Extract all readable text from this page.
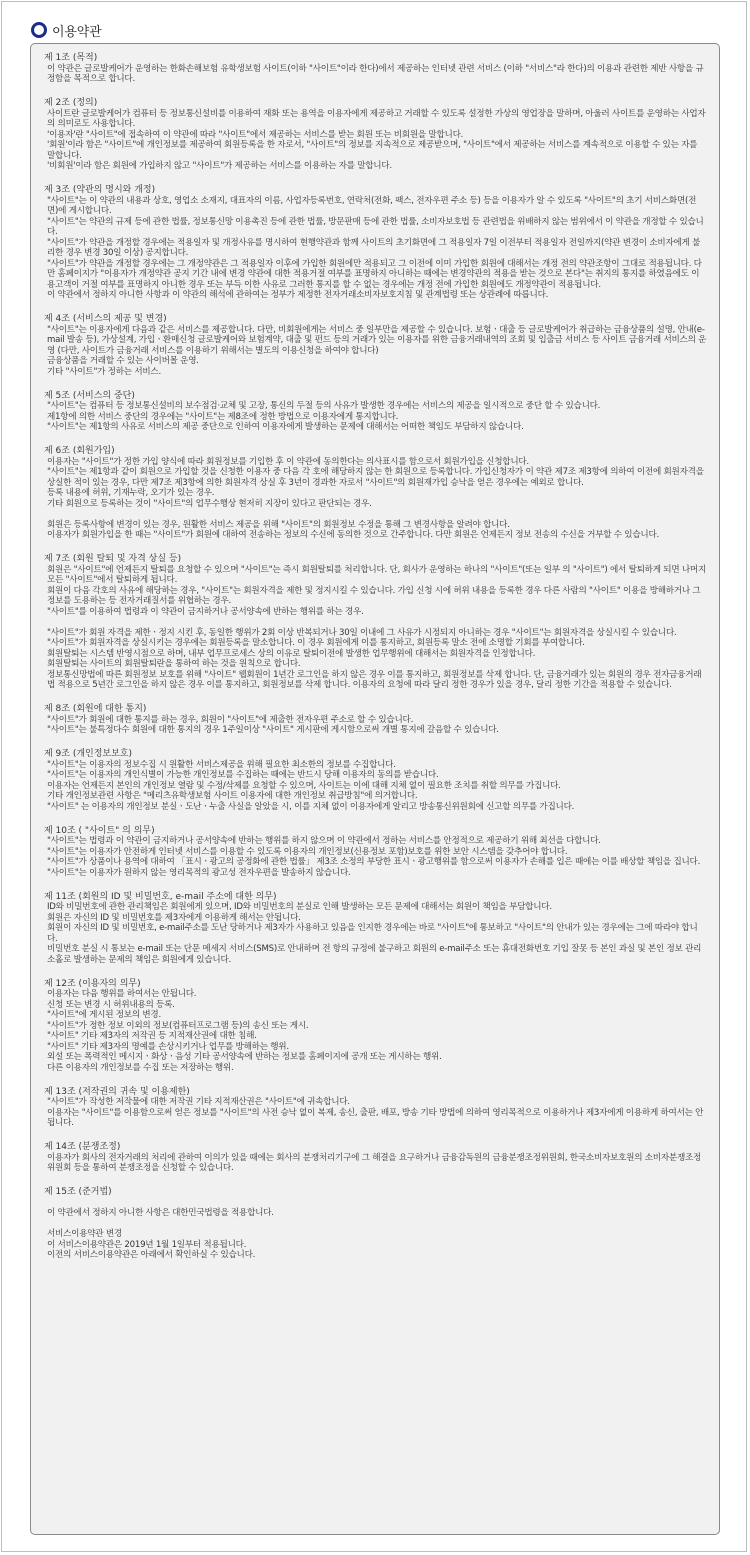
이용약관
제 1조 (목적)
이 약관은 글로발케어가 운영하는 한화손해보험 유학생보험 사이트(이하 "사이트"이라 한다)에서 제공하는 인터넷 관련 서비스 (이하 "서비스"라 한다)의 이용과 관련한 제반 사항을 규정함을 목적으로 합니다.
제 2조 (정의)
사이트란 글로발케어가 컴퓨터 등 정보통신설비를 이용하여 재화 또는 용역을 이용자에게 제공하고 거래할 수 있도록 설정한 가상의 영업장을 말하며, 아울러 사이트를 운영하는 사업자의 의미로도 사용합니다.
'이용자'란 "사이트"에 접속하여 이 약관에 따라 "사이트"에서 제공하는 서비스를 받는 회원 또는 비회원을 말합니다.
'회원'이라 함은 "사이트"에 개인정보를 제공하여 회원등록을 한 자로서, "사이트"의 정보를 지속적으로 제공받으며, "사이트"에서 제공하는 서비스를 계속적으로 이용할 수 있는 자를 말합니다.
'비회원'이라 함은 회원에 가입하지 않고 "사이트"가 제공하는 서비스를 이용하는 자를 말합니다.
제 3조 (약관의 명시와 개정)
"사이트"는 이 약관의 내용과 상호, 영업소 소재지, 대표자의 이름, 사업자등록번호, 연락처(전화, 팩스, 전자우편 주소 등) 등을 이용자가 알 수 있도록 "사이트"의 초기 서비스화면(전면)에 게시합니다.
"사이트"는 약관의 규제 등에 관한 법률, 정보통신망 이용촉진 등에 관한 법률, 방문판매 등에 관한 법률, 소비자보호법 등 관련법을 위배하지 않는 범위에서 이 약관을 개정할 수 있습니다.
"사이트"가 약관을 개정할 경우에는 적용일자 및 개정사유를 명시하여 현행약관과 함께 사이트의 초기화면에 그 적용일자 7일 이전부터 적용일자 전일까지(약관 변경이 소비자에게 불리한 경우 변경 30일 이상) 공지합니다.
"사이트"가 약관을 개정할 경우에는 그 개정약관은 그 적용일자 이후에 가입한 회원에만 적용되고 그 이전에 이미 가입한 회원에 대해서는 개정 전의 약관조항이 그대로 적용됩니다. 다만 홈페이지가 "이용자가 개정약관 공지 기간 내에 변경 약관에 대한 적용거절 여부를 표명하지 아니하는 때에는 변경약관의 적용을 받는 것으로 본다"는 취지의 통지를 하였음에도 이용고객이 거절 여부를 표명하지 아니한 경우 또는 부득 이한 사유로 그러한 통지를 할 수 없는 경우에는 개정 전에 가입한 회원에도 개정약관이 적용됩니다.
이 약관에서 정하지 아니한 사항과 이 약관의 해석에 관하여는 정부가 제정한 전자거래소비자보호지침 및 관계법령 또는 상관례에 따릅니다.
제 4조 (서비스의 제공 및 변경)
"사이트"는 이용자에게 다음과 같은 서비스를 제공합니다. 다만, 비회원에게는 서비스 중 일부만을 제공할 수 있습니다. 보험ㆍ대출 등 글로발케어가 취급하는 금융상품의 설명, 안내(e-mail 발송 등), 가상설계, 가입ㆍ환매신청 글로발케어와 보험계약, 대출 및 펀드 등의 거래가 있는 이용자를 위한 금융거래내역의 조회 및 입출금 서비스 등 사이트 금융거래 서비스의 운영 (다만, 사이트가 금융거래 서비스를 이용하기 위해서는 별도의 이용신청을 하여야 합니다)
금융상품을 거래할 수 있는 사이버몰 운영.
기타 "사이트"가 정하는 서비스.
제 5조 (서비스의 중단)
"사이트"는 컴퓨터 등 정보통신설비의 보수점검·교체 및 고장, 통신의 두절 등의 사유가 발생한 경우에는 서비스의 제공을 일시적으로 중단 할 수 있습니다.
제1항에 의한 서비스 중단의 경우에는 "사이트"는 제8조에 정한 방법으로 이용자에게 통지합니다.
"사이트"는 제1항의 사유로 서비스의 제공 중단으로 인하여 이용자에게 발생하는 문제에 대해서는 어떠한 책임도 부담하지 않습니다.
제 6조 (회원가입)
이용자는 "사이트"가 정한 가입 양식에 따라 회원정보를 기입한 후 이 약관에 동의한다는 의사표시를 함으로서 회원가입을 신청합니다.
"사이트"는 제1항과 같이 회원으로 가입할 것을 신청한 이용자 중 다음 각 호에 해당하지 않는 한 회원으로 등록합니다. 가입신청자가 이 약관 제7조 제3항에 의하여 이전에 회원자격을 상실한 적이 있는 경우, 다만 제7조 제3항에 의한 회원자격 상실 후 3년이 경과한 자로서 "사이트"의 회원재가입 승낙을 얻은 경우에는 예외로 합니다.
등록 내용에 허위, 기재누락, 오기가 있는 경우.
기타 회원으로 등록하는 것이 "사이트"의 업무수행상 현저히 지장이 있다고 판단되는 경우.
회원은 등록사항에 변경이 있는 경우, 원활한 서비스 제공을 위해 "사이트"의 회원정보 수정을 통해 그 변경사항을 알려야 합니다.
이용자가 회원가입을 한 때는 "사이트"가 회원에 대하여 전송하는 정보의 수신에 동의한 것으로 간주합니다. 다만 회원은 언제든지 정보 전송의 수신을 거부할 수 있습니다.
제 7조 (회원 탈퇴 및 자격 상실 등)
회원은 "사이트"에 언제든지 탈퇴를 요청할 수 있으며 "사이트"는 즉시 회원탈퇴를 처리합니다. 단, 회사가 운영하는 하나의 "사이트"(또는 일부 의 "사이트") 에서 탈퇴하게 되면 나머지 모든 "사이트"에서 탈퇴하게 됩니다.
회원이 다음 각호의 사유에 해당하는 경우, "사이트"는 회원자격을 제한 및 정지시킬 수 있습니다. 가입 신청 시에 허위 내용을 등록한 경우 다른 사람의 "사이트" 이용을 방해하거나 그 정보를 도용하는 등 전자거래질서를 위협하는 경우.
"사이트"를 이용하여 법령과 이 약관이 금지하거나 공서양속에 반하는 행위를 하는 경우.
"사이트"가 회원 자격을 제한ㆍ정지 시킨 후, 동일한 행위가 2회 이상 반복되거나 30일 이내에 그 사유가 시정되지 아니하는 경우 "사이트"는 회원자격을 상실시킬 수 있습니다.
"사이트"가 회원자격을 상실시키는 경우에는 회원등록을 말소합니다. 이 경우 회원에게 이를 통지하고, 회원등록 말소 전에 소명할 기회를 부여합니다.
회원탈퇴는 시스템 반영시점으로 하며, 내부 업무프로세스 상의 이유로 탈퇴이전에 발생한 업무행위에 대해서는 회원자격을 인정합니다.
회원탈퇴는 사이트의 회원탈퇴란을 통하여 하는 것을 원칙으로 합니다.
정보통신망법에 따른 회원정보 보호를 위해 "사이트" 웹회원이 1년간 로그인을 하지 않은 경우 이를 통지하고, 회원정보를 삭제 합니다. 단, 금융거래가 있는 회원의 경우 전자금융거래법 적용으로 5년간 로그인을 하지 않은 경우 이를 통지하고, 회원정보를 삭제 합니다. 이용자의 요청에 따라 달리 정한 경우가 있을 경우, 달리 정한 기간을 적용할 수 있습니다.
제 8조 (회원에 대한 통지)
"사이트"가 회원에 대한 통지를 하는 경우, 회원이 "사이트"에 제출한 전자우편 주소로 할 수 있습니다.
"사이트"는 불특정다수 회원에 대한 통지의 경우 1주일이상 "사이트" 게시판에 게시함으로써 개별 통지에 갈음할 수 있습니다.
제 9조 (개인정보보호)
"사이트"는 이용자의 정보수집 시 원활한 서비스제공을 위해 필요한 최소한의 정보를 수집합니다.
"사이트"는 이용자의 개인식별이 가능한 개인정보를 수집하는 때에는 반드시 당해 이용자의 동의를 받습니다.
이용자는 언제든지 본인의 개인정보 열람 및 수정/삭제를 요청할 수 있으며, 사이트는 이에 대해 지체 없이 필요한 조치를 취할 의무를 가집니다.
기타 개인정보관련 사항은 "메리츠유학생보험 사이트 이용자에 대한 개인정보 취급방침"에 의거합니다.
"사이트" 는 이용자의 개인정보 분실ㆍ도난ㆍ누출 사실을 알았을 시, 이를 지체 없이 이용자에게 알리고 방송통신위원회에 신고할 의무를 가집니다.
제 10조 ( "사이트" 의 의무)
"사이트"는 법령과 이 약관이 금지하거나 공서양속에 반하는 행위를 하지 않으며 이 약관에서 정하는 서비스를 안정적으로 제공하기 위해 최선을 다합니다.
"사이트"는 이용자가 안전하게 인터넷 서비스를 이용할 수 있도록 이용자의 개인정보(신용정보 포함)보호를 위한 보안 시스템을 갖추어야 합니다.
"사이트"가 상품이나 용역에 대하여 「표시ㆍ광고의 공정화에 관한 법률」 제3조 소정의 부당한 표시ㆍ광고행위를 함으로써 이용자가 손해를 입은 때에는 이를 배상할 책임을 집니다.
"사이트"는 이용자가 원하지 않는 영리목적의 광고성 전자우편을 발송하지 않습니다.
제 11조 (회원의 ID 및 비밀번호, e-mail 주소에 대한 의무)
ID와 비밀번호에 관한 관리책임은 회원에게 있으며, ID와 비밀번호의 분실로 인해 발생하는 모든 문제에 대해서는 회원이 책임을 부담합니다.
회원은 자신의 ID 및 비밀번호를 제3자에게 이용하게 해서는 안됩니다.
회원이 자신의 ID 및 비밀번호, e-mail주소를 도난 당하거나 제3자가 사용하고 있음을 인지한 경우에는 바로 "사이트"에 통보하고 "사이트"의 안내가 있는 경우에는 그에 따라야 합니다.
비밀번호 분실 시 통보는 e-mail 또는 단문 메세지 서비스(SMS)로 안내하며 전 항의 규정에 불구하고 회원의 e-mail주소 또는 휴대전화번호 기입 잘못 등 본인 과실 및 본인 정보 관리 소홀로 발생하는 문제의 책임은 회원에게 있습니다.
제 12조 (이용자의 의무)
이용자는 다음 행위를 하여서는 안됩니다.
신청 또는 변경 시 허위내용의 등록.
"사이트"에 게시된 정보의 변경.
"사이트"가 정한 정보 이외의 정보(컴퓨터프로그램 등)의 송신 또는 게시.
"사이트" 기타 제3자의 저작권 등 지적재산권에 대한 침해.
"사이트" 기타 제3자의 명예를 손상시키거나 업무를 방해하는 행위.
외설 또는 폭력적인 메시지ㆍ화상ㆍ음성 기타 공서양속에 반하는 정보를 홈페이지에 공개 또는 게시하는 행위.
다른 이용자의 개인정보를 수집 또는 저장하는 행위.
제 13조 (저작권의 귀속 및 이용제한)
"사이트"가 작성한 저작물에 대한 저작권 기타 지적재산권은 "사이트"에 귀속합니다.
이용자는 "사이트"를 이용함으로써 얻은 정보를 "사이트"의 사전 승낙 없이 복제, 송신, 출판, 배포, 방송 기타 방법에 의하여 영리목적으로 이용하거나 제3자에게 이용하게 하여서는 안됩니다.
제 14조 (분쟁조정)
이용자가 회사의 전자거래의 처리에 관하여 이의가 있을 때에는 회사의 분쟁처리기구에 그 해결을 요구하거나 금융감독원의 금융분쟁조정위원회, 한국소비자보호원의 소비자분쟁조정위원회 등을 통하여 분쟁조정을 신청할 수 있습니다.
제 15조 (준거법)
이 약관에서 정하지 아니한 사항은 대한민국법령을 적용합니다.
서비스이용약관 변경
이 서비스이용약관은 2019년 1월 1일부터 적용됩니다.
이전의 서비스이용약관은 아래에서 확인하실 수 있습니다.
